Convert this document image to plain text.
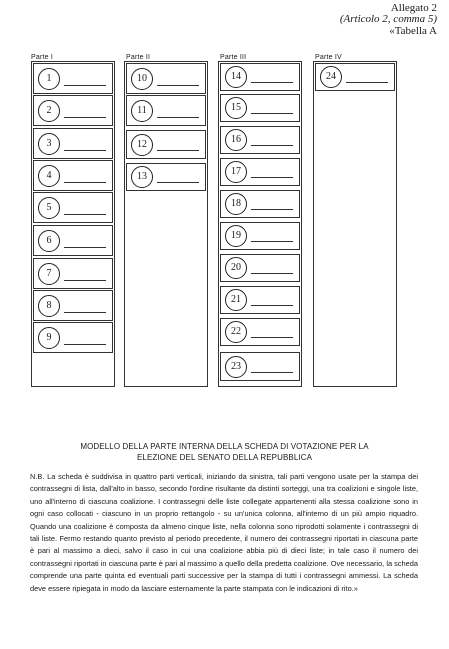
Allegato 2
(Articolo 2, comma 5)
«Tabella A
Parte I	Parte II	Parte III	Parte IV
1
2
3
4
5
6
7
8
9
10
11
12
13
14
15
16
17
18
19
20
21
22
23
24
MODELLO DELLA PARTE INTERNA DELLA SCHEDA DI VOTAZIONE PER LA
ELEZIONE DEL SENATO DELLA REPUBBLICA
N.B. La scheda è suddivisa in quattro parti verticali, iniziando da sinistra, tali parti vengono usate per la stampa dei contrassegni di lista, dall'alto in basso, secondo l'ordine risultante da distinti sorteggi, una tra coalizioni e singole liste, uno all'interno di ciascuna coalizione. I contrassegni delle liste collegate appartenenti alla stessa coalizione sono in ogni caso collocati - ciascuno in un proprio rettangolo - su un'unica colonna, all'interno di un più ampio riquadro. Quando una coalizione è composta da almeno cinque liste, nella colonna sono riprodotti solamente i contrassegni di tali liste. Fermo restando quanto previsto al periodo precedente, il numero dei contrassegni riportati in ciascuna parte è pari al massimo a dieci, salvo il caso in cui una coalizione abbia più di dieci liste; in tale caso il numero dei contrassegni riportati in ciascuna parte è pari al massimo a quello della predetta coalizione. Ove necessario, la scheda comprende una parte quinta ed eventuali parti successive per la stampa di tutti i contrassegni ammessi. La scheda deve essere ripiegata in modo da lasciare esternamente la parte stampata con le indicazioni di rito.»
